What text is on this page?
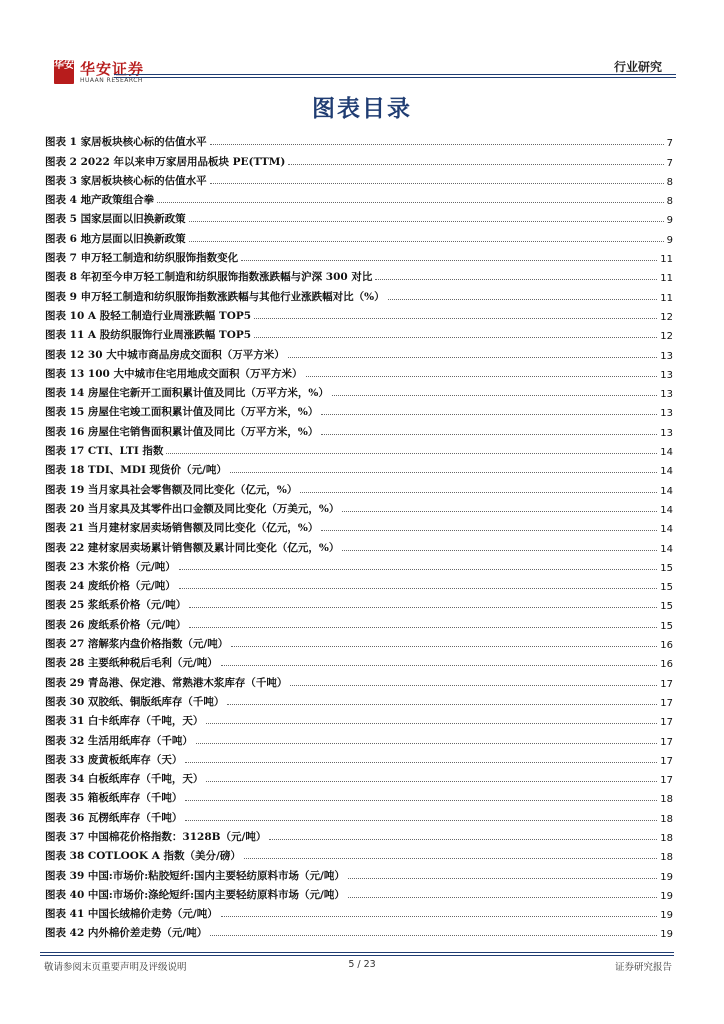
华安 华安证券
HUAAN RESEARCH
行业研究
图表目录
图表 1 家居板块核心标的估值水平	7
图表 2 2022 年以来申万家居用品板块 PE(TTM)	7
图表 3 家居板块核心标的估值水平	8
图表 4 地产政策组合拳	8
图表 5 国家层面以旧换新政策	9
图表 6 地方层面以旧换新政策	9
图表 7 申万轻工制造和纺织服饰指数变化	11
图表 8 年初至今申万轻工制造和纺织服饰指数涨跌幅与沪深 300 对比	11
图表 9 申万轻工制造和纺织服饰指数涨跌幅与其他行业涨跌幅对比（%）	11
图表 10 A 股轻工制造行业周涨跌幅 TOP5	12
图表 11 A 股纺织服饰行业周涨跌幅 TOP5	12
图表 12 30 大中城市商品房成交面积（万平方米）	13
图表 13 100 大中城市住宅用地成交面积（万平方米）	13
图表 14 房屋住宅新开工面积累计值及同比（万平方米，%）	13
图表 15 房屋住宅竣工面积累计值及同比（万平方米，%）	13
图表 16 房屋住宅销售面积累计值及同比（万平方米，%）	13
图表 17 CTI、LTI 指数	14
图表 18 TDI、MDI 现货价（元/吨）	14
图表 19 当月家具社会零售额及同比变化（亿元，%）	14
图表 20 当月家具及其零件出口金额及同比变化（万美元，%）	14
图表 21 当月建材家居卖场销售额及同比变化（亿元，%）	14
图表 22 建材家居卖场累计销售额及累计同比变化（亿元，%）	14
图表 23 木浆价格（元/吨）	15
图表 24 废纸价格（元/吨）	15
图表 25 浆纸系价格（元/吨）	15
图表 26 废纸系价格（元/吨）	15
图表 27 溶解浆内盘价格指数（元/吨）	16
图表 28 主要纸种税后毛利（元/吨）	16
图表 29 青岛港、保定港、常熟港木浆库存（千吨）	17
图表 30 双胶纸、铜版纸库存（千吨）	17
图表 31 白卡纸库存（千吨，天）	17
图表 32 生活用纸库存（千吨）	17
图表 33 废黄板纸库存（天）	17
图表 34 白板纸库存（千吨，天）	17
图表 35 箱板纸库存（千吨）	18
图表 36 瓦楞纸库存（千吨）	18
图表 37 中国棉花价格指数：3128B（元/吨）	18
图表 38 COTLOOK A 指数（美分/磅）	18
图表 39 中国:市场价:粘胶短纤:国内主要轻纺原料市场（元/吨）	19
图表 40 中国:市场价:涤纶短纤:国内主要轻纺原料市场（元/吨）	19
图表 41 中国长绒棉价走势（元/吨）	19
图表 42 内外棉价差走势（元/吨）	19
敬请参阅末页重要声明及评级说明	5 / 23	证券研究报告
